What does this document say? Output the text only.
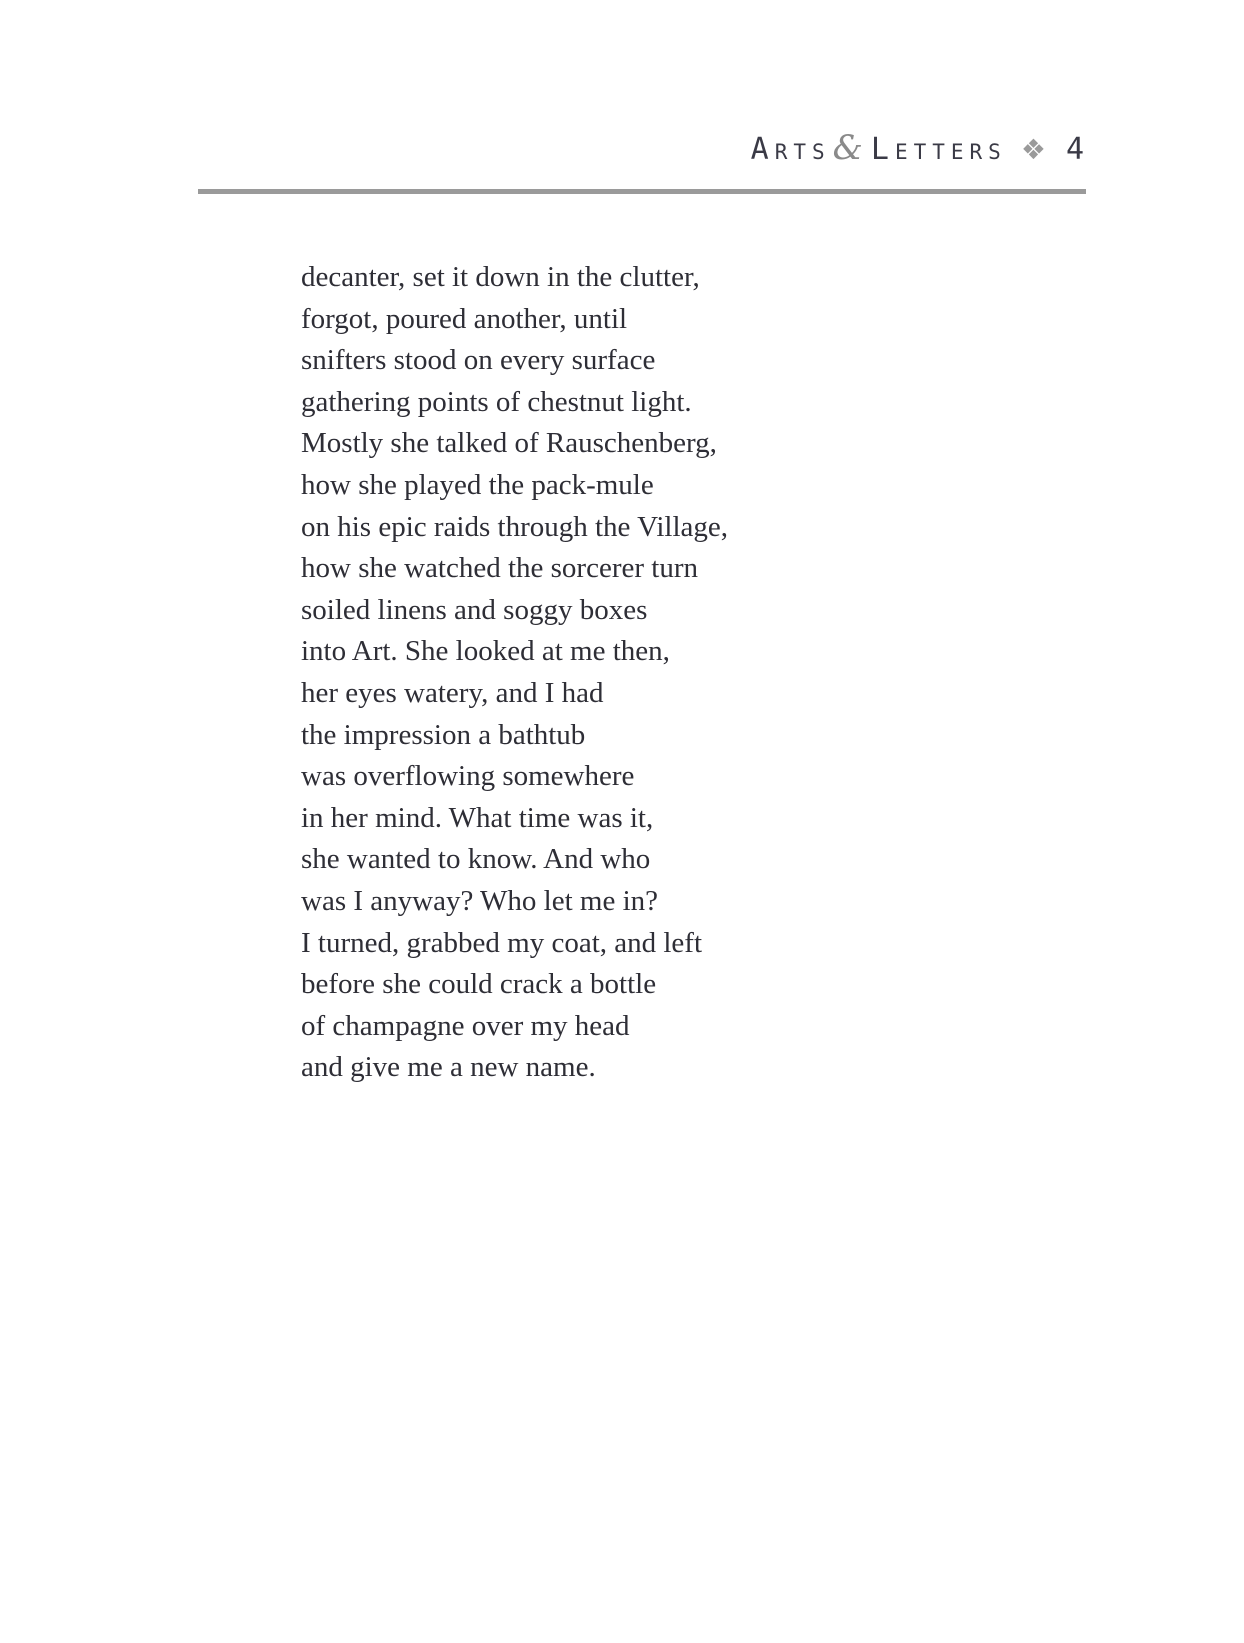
Arts& Letters ❖ 4
decanter, set it down in the clutter,
forgot, poured another, until
snifters stood on every surface
gathering points of chestnut light.
Mostly she talked of Rauschenberg,
how she played the pack-mule
on his epic raids through the Village,
how she watched the sorcerer turn
soiled linens and soggy boxes
into Art. She looked at me then,
her eyes watery, and I had
the impression a bathtub
was overflowing somewhere
in her mind. What time was it,
she wanted to know. And who
was I anyway? Who let me in?
I turned, grabbed my coat, and left
before she could crack a bottle
of champagne over my head
and give me a new name.
